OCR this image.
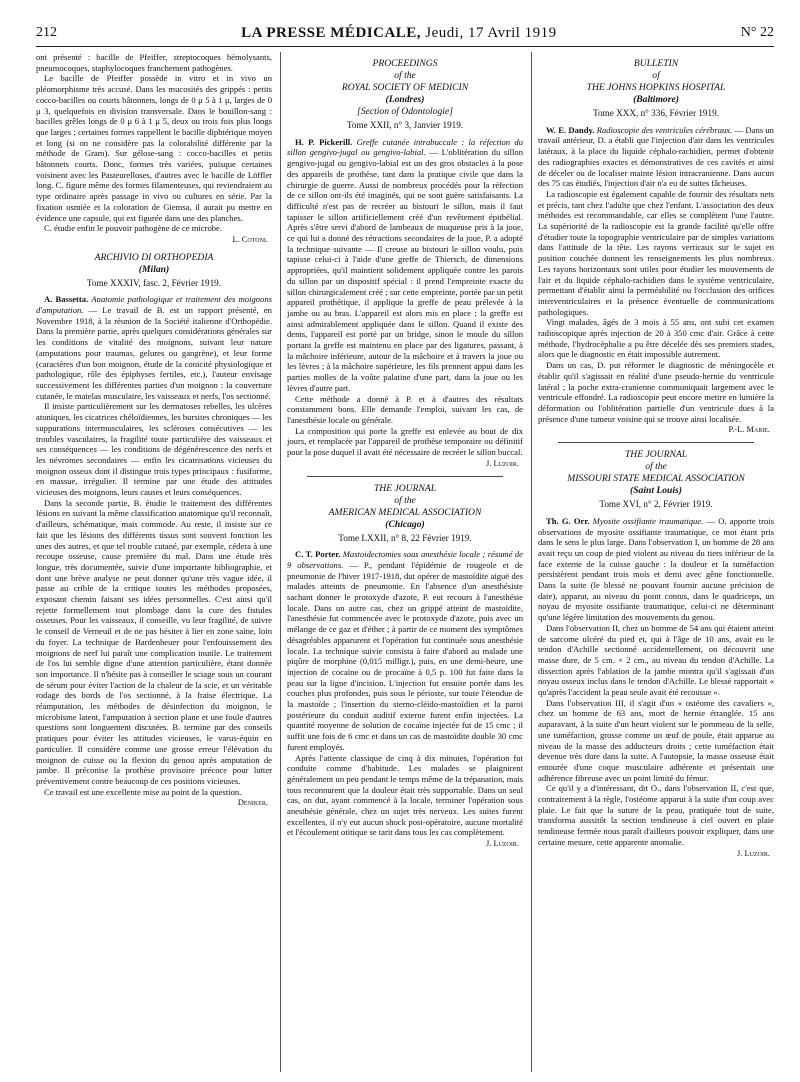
212	LA PRESSE MÉDICALE, Jeudi, 17 Avril 1919	N° 22

ont présenté : bacille de Pfeiffer, streptocoques hémolysants, pneumocoques, staphylocoques franchement pathogènes.

Le bacille de Pfeiffer possède in vitro et in vivo un pléomorphisme très accusé. Dans les mucosités des grippés : petits cocco-bacilles ou courts bâtonnets, longs de 0 μ 5 à 1 μ, larges de 0 μ 3, quelquefois en division transversale. Dans le bouillon-sang : bacilles grêles longs de 0 μ 6 à 1 μ 5, deux ou trois fois plus longs que larges ; certaines formes rappellent le bacille diphtérique moyen et long (si on ne considère pas la colorabilité différente par la méthode de Gram). Sur gélose-sang : cocco-bacilles et petits bâtonnets courts. Donc, formes très variées, puisque certaines voisinent avec les Pasteurelloses, d'autres avec le bacille de Löffler long. C. figure même des formes filamenteuses, qui reviendraient au type ordinaire après passage in vivo ou cultures en série. Par la fixation osmiée et la coloration de Giemsa, il aurait pu mettre en évidence une capsule, qui est figurée dans une des planches.

C. étudie enfin le pouvoir pathogène de ce microbe.

L. Cotoni.
ARCHIVIO DI ORTHOPEDIA
(Milan)
Tome XXXIV, fasc. 2, Février 1919.

A. Bassetta. Anatomie pathologique et traitement des moignons d'amputation. — Le travail de B. est un rapport présenté, en Novembre 1918, à la réunion de la Société italienne d'Orthopédie. Dans la première partie, après quelques considérations générales sur les conditions de vitalité des moignons, suivant leur nature (amputations pour traumas, gelures ou gangrène), et leur forme (caractères d'un bon moignon, étude de la conicité physiologique et pathologique, rôle des épiphyses fertiles, etc.), l'auteur envisage successivement les différentes parties d'un moignon : la couverture cutanée, le matelas musculaire, les vaisseaux et nerfs, l'os sectionné.

Il insiste particulièrement sur les dermatoses rebelles, les ulcères atoniques, les cicatrices chéloïdiennes, les bursites chroniques — les suppurations intermusculaires, les scléroses consécutives — les troubles vasculaires, la fragilité toute particulière des vaisseaux et ses conséquences — les conditions de dégénérescence des nerfs et les névromes secondaires — enfin les cicatrisations vicieuses du moignon osseux dont il distingue trois types principaux : fusiforme, en massue, irrégulier. Il termine par une étude des attitudes vicieuses des moignons, leurs causes et leurs conséquences.

Dans la seconde partie, B. étudie le traitement des différentes lésions en suivant la même classification anatomique qu'il reconnaît, d'ailleurs, schématique, mais commode. Au reste, il insiste sur ce fait que les lésions des différents tissus sont souvent fonction les unes des autres, et que tel trouble cutané, par exemple, cédera à une recoupe osseuse, cause première du mal. Dans une étude très longue, très documentée, suivie d'une importante bibliographie, et dont une brève analyse ne peut donner qu'une très vague idée, il passe au crible de la critique toutes les méthodes proposées, exposant chemin faisant ses idées personnelles. C'est ainsi qu'il rejette formellement tout plombage dans la cure des fistules osseuses. Pour les vaisseaux, il conseille, vu leur fragilité, de suivre le conseil de Verneuil et de ne pas hésiter à lier en zone saine, loin du foyer. La technique de Bardenheuer pour l'enfouissement des moignons de nerf lui paraît une complication inutile. Le traitement de l'os lui semble digne d'une attention particulière, étant donnée son importance. Il n'hésite pas à conseiller le sciage sous un courant de sérum pour éviter l'action de la chaleur de la scie, et un véritable rodage des bords de l'os sectionné, à la fraise électrique. La réamputation, les méthodes de désinfection du moignon, le microbisme latent, l'amputation à section plane et une foule d'autres questions sont longuement discutées. B. termine par des conseils pratiques pour éviter les attitudes vicieuses, le varus-équin en particulier. Il considère comme une grosse erreur l'élévation du moignon de cuisse ou la flexion du genou après amputation de jambe. Il préconise la prothèse provisoire précoce pour lutter préventivement contre beaucoup de ces positions vicieuses.

Ce travail est une excellente mise au point de la question.

Deniker.
PROCEEDINGS
of the
ROYAL SOCIETY OF MEDICIN
(Londres)
[Section of Odontologie]
Tome XXII, n° 3, Janvier 1919.

H. P. Pickerill. Greffe cutanée intrabuccale : la réfection du sillon gengivo-jugal ou gengivo-labial. — L'oblitération du sillon gengivo-jugal ou gengivo-labial est un des gros obstacles à la pose des appareils de prothèse, tant dans la pratique civile que dans la chirurgie de guerre. Aussi de nombreux procédés pour la réfection de ce sillon ont-ils été imaginés, qui ne sont guère satisfaisants. La difficulté n'est pas de recréer au bistouri le sillon, mais il faut tapisser le sillon artificiellement créé d'un revêtement épithélial. Après s'être servi d'abord de lambeaux de muqueuse pris à la joue, ce qui lui a donné des rétractions secondaires de la joue, P. a adopté la technique suivante — Il creuse au bistouri le sillon voulu, puis tapisse celui-ci à l'aide d'une greffe de Thiersch, de dimensions appropriées, qu'il maintient solidement appliquée contre les parois du sillon par un dispositif spécial : il prend l'empreinte exacte du sillon chirurgicalement créé ; sur cette empreinte, portée par un petit appareil prothétique, il applique la greffe de peau prélevée à la jambe ou au bras. L'appareil est alors mis en place ; la greffe est ainsi admirablement appliquée dans le sillon. Quand il existe des dents, l'appareil est porté par un bridge, sinon le moule du sillon portant la greffe est maintenu en place par des ligatures, passant, à la mâchoire inférieure, autour de la mâchoire et à travers la joue ou les lèvres ; à la mâchoire supérieure, les fils prennent appui dans les parties molles de la voûte palatine d'une part, dans la joue ou les lèvres d'autre part.

Cette méthode a donné à P. et à d'autres des résultats constamment bons. Elle demande l'emploi, suivant les cas, de l'anesthésie locale ou générale.

La composition qui porte la greffe est enlevée au bout de dix jours, et remplacée par l'appareil de prothèse temporaire ou définitif pour la pose duquel il avait été nécessaire de recréer le sillon buccal.

J. Luzoir.
THE JOURNAL
of the
AMERICAN MEDICAL ASSOCIATION
(Chicago)
Tome LXXII, n° 8, 22 Février 1919.

C. T. Porter. Mastoidectomies sous anesthésie locale ; résumé de 9 observations. — P., pendant l'épidémie de rougeole et de pneumonie de l'hiver 1917-1918, dut opérer de mastoïdite aiguë des malades atteints de pneumonie. En l'absence d'un anesthésiste sachant donner le protoxyde d'azote, P. eut recours à l'anesthésie locale. Dans un autre cas, chez un grippé atteint de mastoïdite, l'anesthésie fut commencée avec le protoxyde d'azote, puis avec un mélange de ce gaz et d'éther ; à partir de ce moment des symptômes désagréables apparurent et l'opération fut continuée sous anesthésie locale. La technique suivie consista à faire d'abord au malade une piqûre de morphine (0,015 milligr.), puis, en une demi-heure, une injection de cocaïne ou de procaïne à 0,5 p. 100 fut faite dans la peau sur la ligne d'incision. L'injection fut ensuite portée dans les couches plus profondes, puis sous le périoste, sur toute l'étendue de la mastoïde ; l'insertion du sterno-cléido-mastoïdien et la paroi postérieure du conduit auditif externe furent enfin injectées. La quantité moyenne de solution de cocaïne injectée fut de 15 cmc ; il suffit une fois de 6 cmc et dans un cas de mastoïdite double 30 cmc furent employés.

Après l'attente classique de cinq à dix minutes, l'opération fut conduite comme d'habitude. Les malades se plaignirent généralement un peu pendant le temps même de la trépanation, mais tous reconnurent que la douleur était très supportable. Dans un seul cas, on dut, ayant commencé à la locale, terminer l'opération sous anesthésie générale, chez un sujet très nerveux. Les suites furent excellentes, il n'y eut aucun shock post-opératoire, aucune mortalité et l'écoulement otitique se tarit dans tous les cas complètement.

J. Luzoir.
BULLETIN
of
THE JOHNS HOPKINS HOSPITAL
(Baltimore)
Tome XXX, n° 336, Février 1919.

W. E. Dandy. Radioscopie des ventricules cérébraux. — Dans un travail antérieur, D. a établi que l'injection d'air dans les ventricules latéraux, à la place du liquide céphalo-rachidien, permet d'obtenir des radiographies exactes et démonstratives de ces cavités et ainsi de déceler ou de localiser mainte lésion intracranienne. Dans aucun des 75 cas étudiés, l'injection d'air n'a eu de suites fâcheuses.

La radioscopie est également capable de fournir des résultats nets et précis, tant chez l'adulte que chez l'enfant. L'association des deux méthodes est recommandable, car elles se complètent l'une l'autre. La supériorité de la radioscopie est la grande facilité qu'elle offre d'étudier toute la topographie ventriculaire par de simples variations dans l'attitude de la tête. Les rayons verticaux sur le sujet en position couchée donnent les renseignements les plus nombreux. Les rayons horizontaux sont utiles pour étudier les mouvements de l'air et du liquide céphalo-rachidien dans le système ventriculaire, permettant d'établir ainsi la perméabilité ou l'occlusion des orifices interventriculaires et la présence éventuelle de communications pathologiques.

Vingt malades, âgés de 3 mois à 55 ans, ont subi cet examen radioscopique après injection de 20 à 350 cmc d'air. Grâce à cette méthode, l'hydrocéphalie a pu être décelée dès ses premiers stades, alors que le diagnostic en était impossible autrement.

Dans un cas, D. put réformer le diagnostic de méningocèle et établir qu'il s'agissait en réalité d'une pseudo-hernie du ventricule latéral ; la poche extra-cranienne communiquait largement avec le ventricule effondré. La radioscopie peut encore mettre en lumière la déformation ou l'oblitération partielle d'un ventricule dues à la présence d'une tumeur voisine qui se trouve ainsi localisée.

P.-L. Marie.
THE JOURNAL
of the
MISSOURI STATE MEDICAL ASSOCIATION
(Saint Louis)
Tome XVI, n° 2, Février 1919.

Th. G. Orr. Myosite ossifiante traumatique. — O. apporte trois observations de myosite ossifiante traumatique, ce mot étant pris dans le sens le plus large. Dans l'observation I, un homme de 28 ans avait reçu un coup de pied violent au niveau du tiers inférieur de la face externe de la cuisse gauche : la douleur et la tuméfaction persistèrent pendant trois mois et demi avec gêne fonctionnelle. Dans la suite (le blessé ne pouvant fournir aucune précision de date), apparut, au niveau du point contus, dans le quadriceps, un noyau de myosite ossifiante traumatique, celui-ci ne déterminant qu'une légère limitation des mouvements du genou.

Dans l'observation II, chez un homme de 54 ans qui étaient atteint de sarcome ulcéré du pied et, qui à l'âge de 10 ans, avait eu le tendon d'Achille sectionné accidentellement, on découvrit une masse dure, de 5 cm. × 2 cm., au niveau du tendon d'Achille. La dissection après l'ablation de la jambe montra qu'il s'agissait d'un noyau osseux inclus dans le tendon d'Achille. Le blessé rapportait « qu'après l'accident la peau seule avait été recousue ».

Dans l'observation III, il s'agit d'un « ostéome des cavaliers », chez un homme de 63 ans, mort de hernie étranglée. 15 ans auparavant, à la suite d'un heurt violent sur le pommeau de la selle, une tuméfaction, grosse comme un œuf de poule, était apparue au niveau de la masse des adducteurs droits ; cette tuméfaction était devenue très dure dans la suite. A l'autopsie, la masse osseuse était entourée d'une coque musculaire adhérente et présentait une adhérence fibreuse avec un point limité du fémur.

Ce qu'il y a d'intéressant, dit O., dans l'observation II, c'est que, contrairement à la règle, l'ostéome apparut à la suite d'un coup avec plaie. Le fait que la suture de la peau, pratiquée tout de suite, transforma aussitôt la section tendineuse à ciel ouvert en plaie tendineuse fermée nous paraît d'ailleurs pouvoir expliquer, dans une certaine mesure, cette apparente anomalie.

J. Luzoir.
